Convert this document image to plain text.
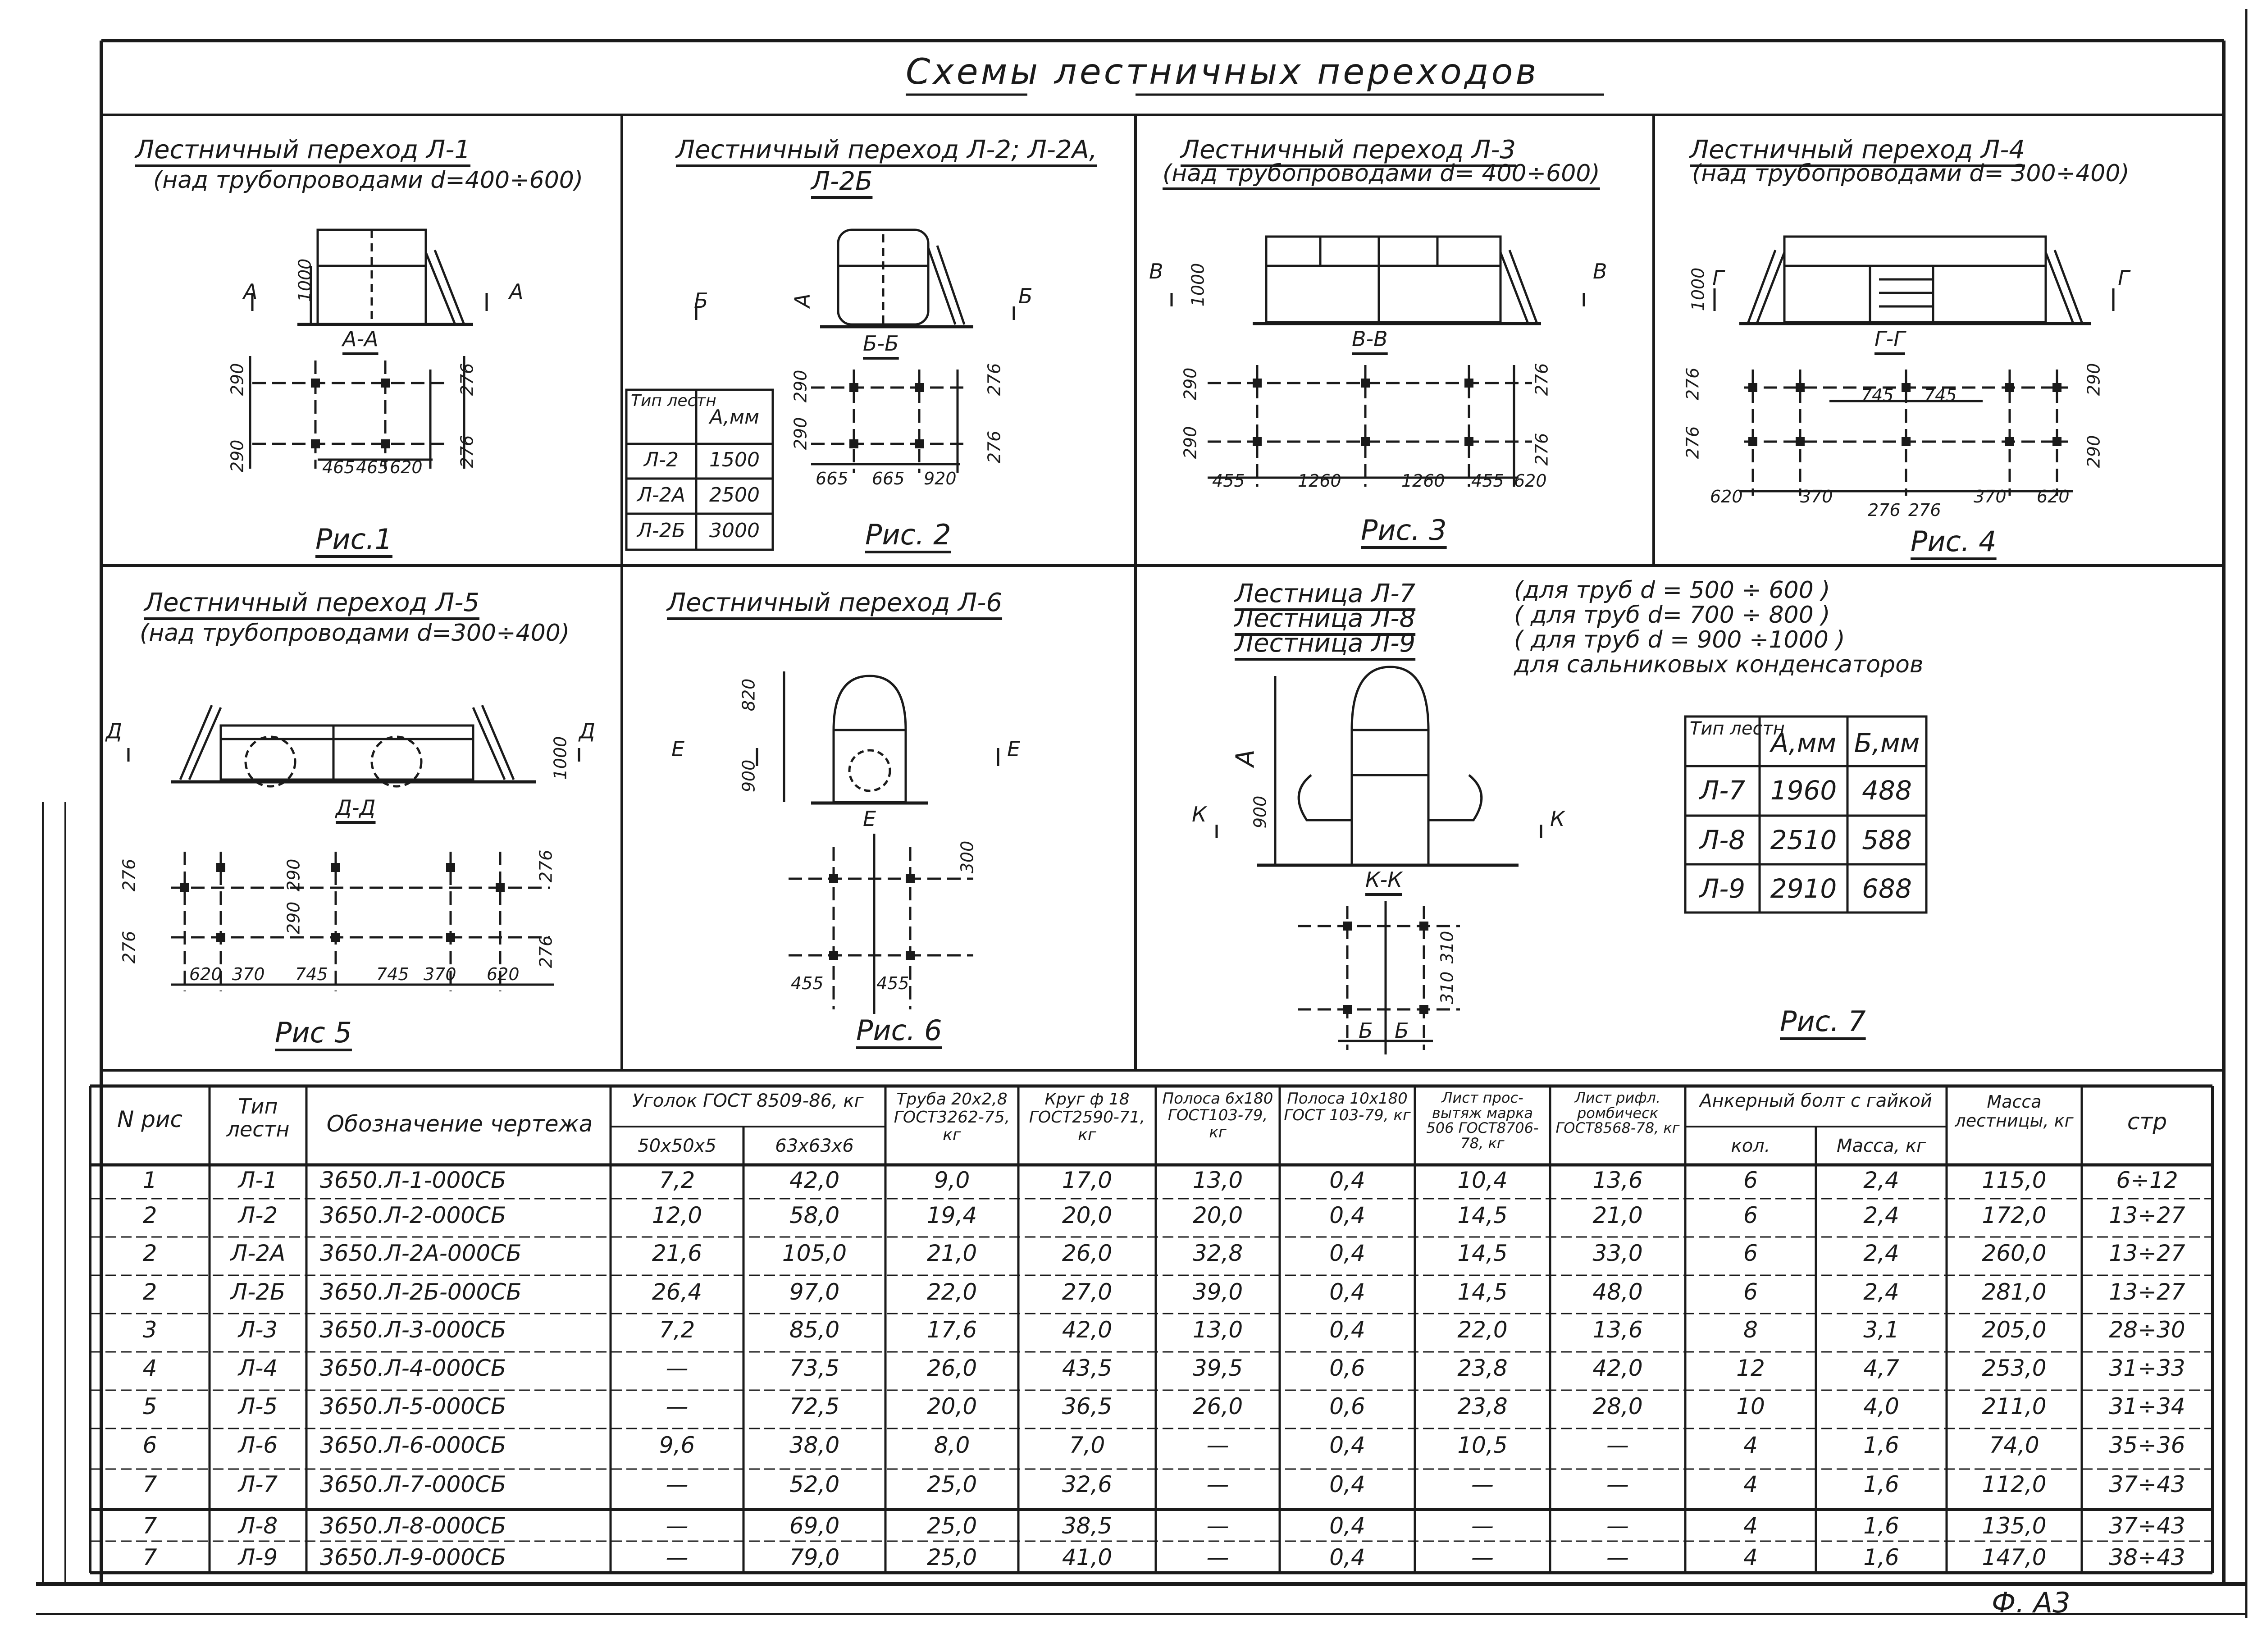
Схемы лестничных переходов
Ф. А3
Лестничный переход Л-1
(над трубопроводами d=400÷600)
А	А
1000
А-А
290
290
276
276
465 465 620
Рис.1
Лестничный переход Л-2; Л-2А,
Л-2Б
Б	Б
А
Б-Б
290
290
276
276
665 665 920
Рис. 2
Тип лестн
А,мм
Л-2	1500
Л-2А	2500
Л-2Б	3000
Лестничный переход Л-3
(над трубопроводами d= 400÷600)
В	В
1000
В-В
290
290
276
276
455	1260	1260 455 620
Рис. 3
Лестничный переход Л-4
(над трубопроводами d= 300÷400)
1000 Г	Г
Г-Г
276
276
290
290
745 745
620	370
276 276
370 620
Рис. 4
Лестничный переход Л-5
(над трубопроводами d=300÷400)
Д	Д
1000
Д-Д
276
276
290
290
276
276
620 370 745	745 370 620
Рис 5
Лестничный переход Л-6
Е	Е
820
900
Е
300
455	455
Рис. 6
Лестница Л-7
Лестница Л-8
Лестница Л-9
(для труб d = 500 ÷ 600 )
( для труб d= 700 ÷ 800 )
( для труб d = 900 ÷1000 )
для сальниковых конденсаторов
А
900
К	К
К-К
310
310
Б Б	Рис. 7
Тип лестн
А,мм Б,мм
Л-7 1960 488
Л-8 2510 588
Л-9 2910 688
N рис	Тип лестн	Обозначение чертежа
Уголок ГОСТ 8509-86, кг
50х50х5	63х63х6
Труба 20х2,8 ГОСТ3262-75, кг
Круг ф 18 ГОСТ2590-71, кг
Полоса 6х180 ГОСТ103-79, кг
Полоса 10х180 ГОСТ 103-79, кг
Лист прос-вытяж марка 506 ГОСТ8706-78, кг
Лист рифл. ромбическ ГОСТ8568-78, кг
Анкерный болт с гайкой
кол.	Масса, кг
Масса лестницы, кг	стр
1	Л-1	3650.Л-1-000СБ	7,2	42,0	9,0	17,0	13,0	0,4	10,4	13,6	6	2,4	115,0	6÷12
2	Л-2	3650.Л-2-000СБ	12,0	58,0	19,4	20,0	20,0	0,4	14,5	21,0	6	2,4	172,0	13÷27
2	Л-2А	3650.Л-2А-000СБ	21,6	105,0	21,0	26,0	32,8	0,4	14,5	33,0	6	2,4	260,0	13÷27
2	Л-2Б	3650.Л-2Б-000СБ	26,4	97,0	22,0	27,0	39,0	0,4	14,5	48,0	6	2,4	281,0	13÷27
3	Л-3	3650.Л-3-000СБ	7,2	85,0	17,6	42,0	13,0	0,4	22,0	13,6	8	3,1	205,0	28÷30
4	Л-4	3650.Л-4-000СБ	—	73,5	26,0	43,5	39,5	0,6	23,8	42,0	12	4,7	253,0	31÷33
5	Л-5	3650.Л-5-000СБ	—	72,5	20,0	36,5	26,0	0,6	23,8	28,0	10	4,0	211,0	31÷34
6	Л-6	3650.Л-6-000СБ	9,6	38,0	8,0	7,0	—	0,4	10,5	—	4	1,6	74,0	35÷36
7	Л-7	3650.Л-7-000СБ	—	52,0	25,0	32,6	—	0,4	—	—	4	1,6	112,0	37÷43
7	Л-8	3650.Л-8-000СБ	—	69,0	25,0	38,5	—	0,4	—	—	4	1,6	135,0	37÷43
7	Л-9	3650.Л-9-000СБ	—	79,0	25,0	41,0	—	0,4	—	—	4	1,6	147,0	38÷43
